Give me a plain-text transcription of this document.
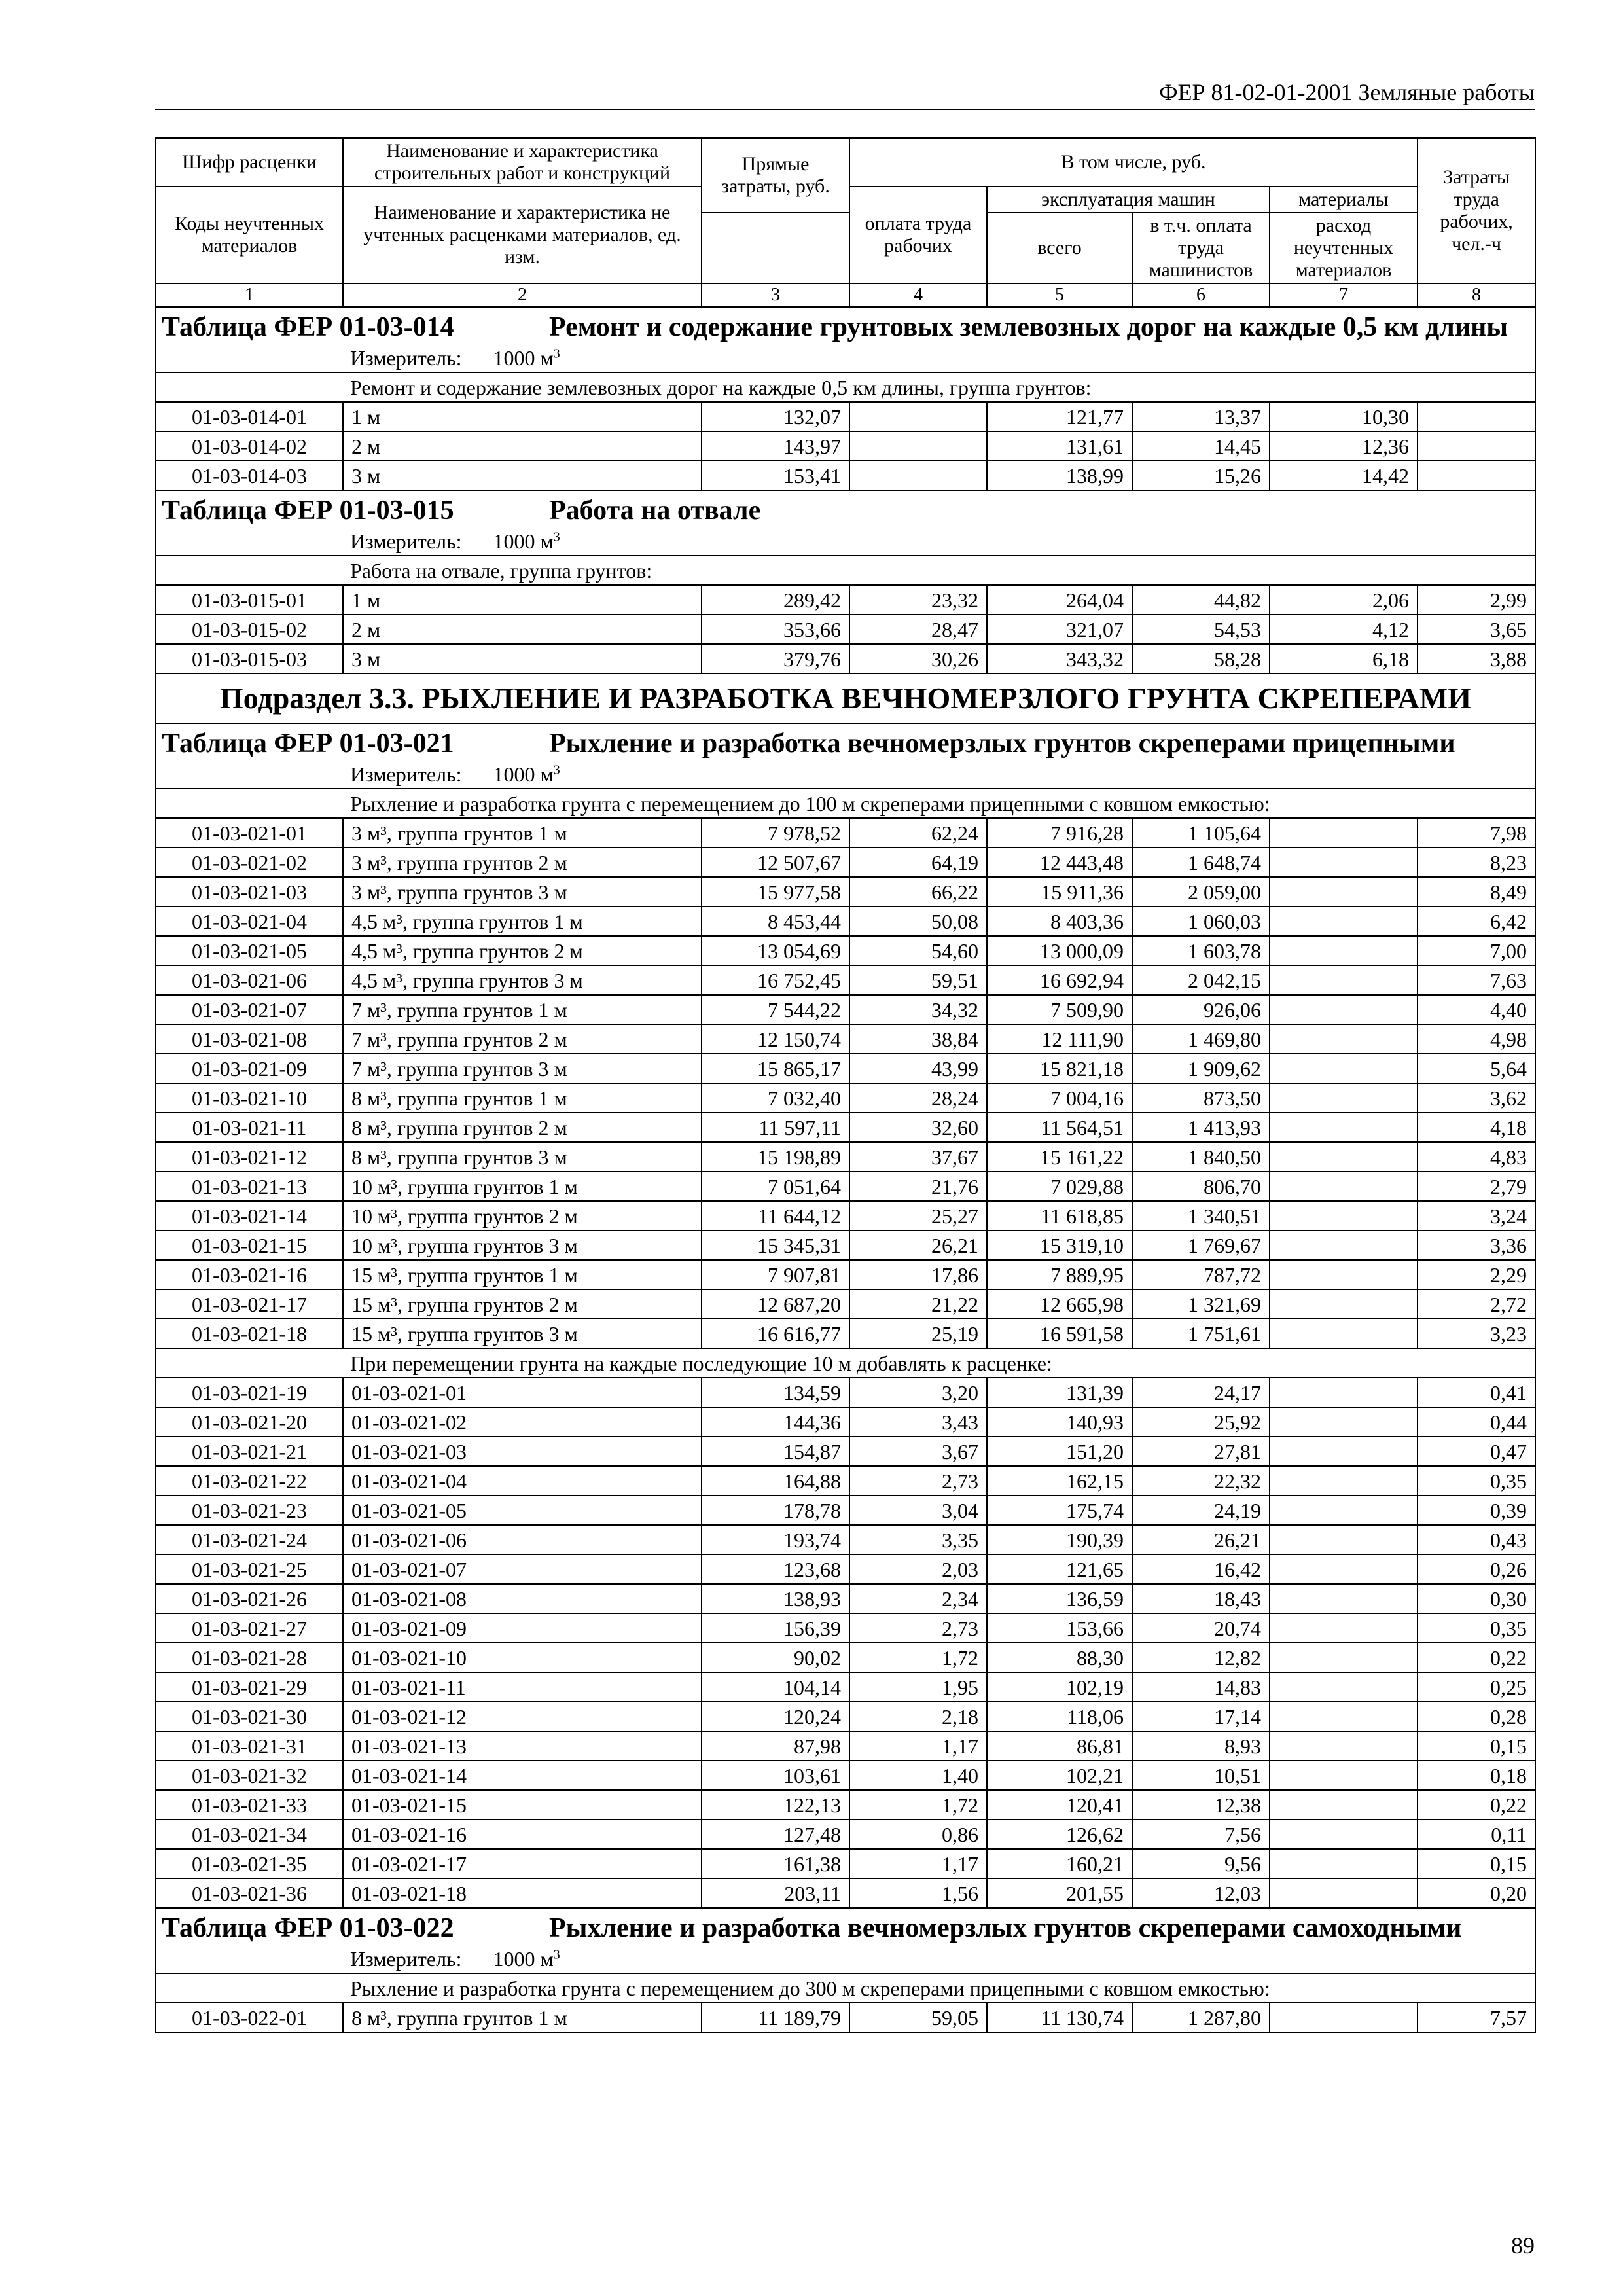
ФЕР 81-02-01-2001 Земляные работы
Шифр расценки	Наименование и характеристика строительных работ и конструкций	Прямые затраты, руб.	В том числе, руб.				Затраты труда рабочих, чел.-ч
Коды неучтенных материалов	Наименование и характеристика не учтенных расценками материалов, ед. изм.						
			оплата труда рабочих	эксплуатация машин		материалы	
				всего	в т.ч. оплата труда машинистов	расход неучтенных материалов	
1	2	3	4	5	6	7	8
Таблица ФЕР 01-03-014 Ремонт и содержание грунтовых землевозных дорог на каждые 0,5 км длины							
Измеритель: 1000 $м^3$
Ремонт и содержание землевозных дорог на каждые 0,5 км длины, группа грунтов:							
01-03-014-01	1 м	132,07		121,77	13,37	10,30	
01-03-014-02	2 м	143,97		131,61	14,45	12,36	
01-03-014-03	3 м	153,41		138,99	15,26	14,42	
Таблица ФЕР 01-03-015 Работа на отвале							
Измеритель: 1000 $м^3$
Работа на отвале, группа грунтов:							
01-03-015-01	1 м	289,42	23,32	264,04	44,82	2,06	2,99
01-03-015-02	2 м	353,66	28,47	321,07	54,53	4,12	3,65
01-03-015-03	3 м	379,76	30,26	343,32	58,28	6,18	3,88
Подраздел 3.3. РЫХЛЕНИЕ И РАЗРАБОТКА ВЕЧНОМЕРЗЛОГО ГРУНТА СКРЕПЕРАМИ							
Таблица ФЕР 01-03-021 Рыхление и разработка вечномерзлых грунтов скреперами прицепными							
Измеритель: 1000 $м^3$
Рыхление и разработка грунта с перемещением до 100 м скреперами прицепными с ковшом емкостью:							
01-03-021-01	3 м³, группа грунтов 1 м	7 978,52	62,24	7 916,28	1 105,64		7,98
01-03-021-02	3 м³, группа грунтов 2 м	12 507,67	64,19	12 443,48	1 648,74		8,23
01-03-021-03	3 м³, группа грунтов 3 м	15 977,58	66,22	15 911,36	2 059,00		8,49
01-03-021-04	4,5 м³, группа грунтов 1 м	8 453,44	50,08	8 403,36	1 060,03		6,42
01-03-021-05	4,5 м³, группа грунтов 2 м	13 054,69	54,60	13 000,09	1 603,78		7,00
01-03-021-06	4,5 м³, группа грунтов 3 м	16 752,45	59,51	16 692,94	2 042,15		7,63
01-03-021-07	7 м³, группа грунтов 1 м	7 544,22	34,32	7 509,90	926,06		4,40
01-03-021-08	7 м³, группа грунтов 2 м	12 150,74	38,84	12 111,90	1 469,80		4,98
01-03-021-09	7 м³, группа грунтов 3 м	15 865,17	43,99	15 821,18	1 909,62		5,64
01-03-021-10	8 м³, группа грунтов 1 м	7 032,40	28,24	7 004,16	873,50		3,62
01-03-021-11	8 м³, группа грунтов 2 м	11 597,11	32,60	11 564,51	1 413,93		4,18
01-03-021-12	8 м³, группа грунтов 3 м	15 198,89	37,67	15 161,22	1 840,50		4,83
01-03-021-13	10 м³, группа грунтов 1 м	7 051,64	21,76	7 029,88	806,70		2,79
01-03-021-14	10 м³, группа грунтов 2 м	11 644,12	25,27	11 618,85	1 340,51		3,24
01-03-021-15	10 м³, группа грунтов 3 м	15 345,31	26,21	15 319,10	1 769,67		3,36
01-03-021-16	15 м³, группа грунтов 1 м	7 907,81	17,86	7 889,95	787,72		2,29
01-03-021-17	15 м³, группа грунтов 2 м	12 687,20	21,22	12 665,98	1 321,69		2,72
01-03-021-18	15 м³, группа грунтов 3 м	16 616,77	25,19	16 591,58	1 751,61		3,23
При перемещении грунта на каждые последующие 10 м добавлять к расценке:							
01-03-021-19	01-03-021-01	134,59	3,20	131,39	24,17		0,41
01-03-021-20	01-03-021-02	144,36	3,43	140,93	25,92		0,44
01-03-021-21	01-03-021-03	154,87	3,67	151,20	27,81		0,47
01-03-021-22	01-03-021-04	164,88	2,73	162,15	22,32		0,35
01-03-021-23	01-03-021-05	178,78	3,04	175,74	24,19		0,39
01-03-021-24	01-03-021-06	193,74	3,35	190,39	26,21		0,43
01-03-021-25	01-03-021-07	123,68	2,03	121,65	16,42		0,26
01-03-021-26	01-03-021-08	138,93	2,34	136,59	18,43		0,30
01-03-021-27	01-03-021-09	156,39	2,73	153,66	20,74		0,35
01-03-021-28	01-03-021-10	90,02	1,72	88,30	12,82		0,22
01-03-021-29	01-03-021-11	104,14	1,95	102,19	14,83		0,25
01-03-021-30	01-03-021-12	120,24	2,18	118,06	17,14		0,28
01-03-021-31	01-03-021-13	87,98	1,17	86,81	8,93		0,15
01-03-021-32	01-03-021-14	103,61	1,40	102,21	10,51		0,18
01-03-021-33	01-03-021-15	122,13	1,72	120,41	12,38		0,22
01-03-021-34	01-03-021-16	127,48	0,86	126,62	7,56		0,11
01-03-021-35	01-03-021-17	161,38	1,17	160,21	9,56		0,15
01-03-021-36	01-03-021-18	203,11	1,56	201,55	12,03		0,20
Таблица ФЕР 01-03-022 Рыхление и разработка вечномерзлых грунтов скреперами самоходными							
Измеритель: 1000 $м^3$
Рыхление и разработка грунта с перемещением до 300 м скреперами прицепными с ковшом емкостью:							
01-03-022-01	8 м³, группа грунтов 1 м	11 189,79	59,05	11 130,74	1 287,80		7,57
89
